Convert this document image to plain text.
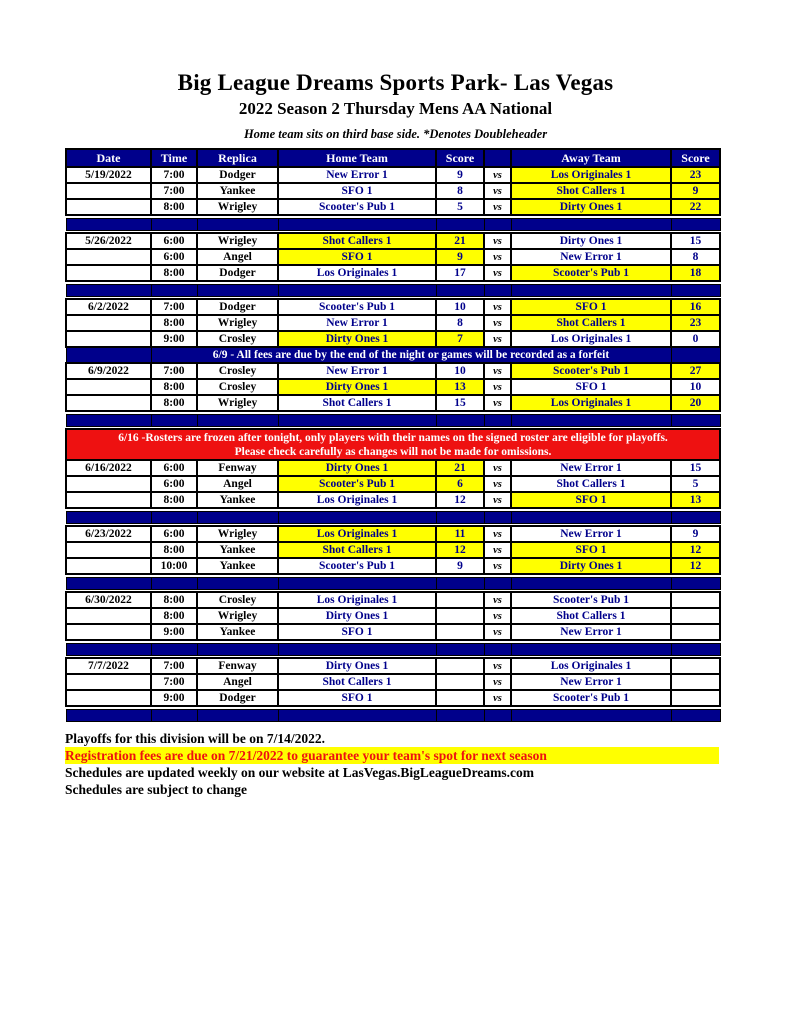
Big League Dreams Sports Park- Las Vegas
2022 Season 2 Thursday Mens AA National
Home team sits on third base side. *Denotes Doubleheader
Date	Time	Replica	Home Team	Score		Away Team	Score
5/19/2022	7:00	Dodger	New Error 1	9	vs	Los Originales 1	23
	7:00	Yankee	SFO 1	8	vs	Shot Callers 1	9
	8:00	Wrigley	Scooter's Pub 1	5	vs	Dirty Ones 1	22

5/26/2022	6:00	Wrigley	Shot Callers 1	21	vs	Dirty Ones 1	15
	6:00	Angel	SFO 1	9	vs	New Error 1	8
	8:00	Dodger	Los Originales 1	17	vs	Scooter's Pub 1	18

6/2/2022	7:00	Dodger	Scooter's Pub 1	10	vs	SFO 1	16
	8:00	Wrigley	New Error 1	8	vs	Shot Callers 1	23
	9:00	Crosley	Dirty Ones 1	7	vs	Los Originales 1	0
	6/9 - All fees are due by the end of the night or games will be recorded as a forfeit						
6/9/2022	7:00	Crosley	New Error 1	10	vs	Scooter's Pub 1	27
	8:00	Crosley	Dirty Ones 1	13	vs	SFO 1	10
	8:00	Wrigley	Shot Callers 1	15	vs	Los Originales 1	20

6/16 -Rosters are frozen after tonight, only players with their names on the signed roster are eligible for playoffs.
Please check carefully as changes will not be made for omissions.							

6/16/2022	6:00	Fenway	Dirty Ones 1	21	vs	New Error 1	15
	6:00	Angel	Scooter's Pub 1	6	vs	Shot Callers 1	5
	8:00	Yankee	Los Originales 1	12	vs	SFO 1	13

6/23/2022	6:00	Wrigley	Los Originales 1	11	vs	New Error 1	9
	8:00	Yankee	Shot Callers 1	12	vs	SFO 1	12
	10:00	Yankee	Scooter's Pub 1	9	vs	Dirty Ones 1	12

6/30/2022	8:00	Crosley	Los Originales 1		vs	Scooter's Pub 1	
	8:00	Wrigley	Dirty Ones 1		vs	Shot Callers 1	
	9:00	Yankee	SFO 1		vs	New Error 1	

7/7/2022	7:00	Fenway	Dirty Ones 1		vs	Los Originales 1	
	7:00	Angel	Shot Callers 1		vs	New Error 1	
	9:00	Dodger	SFO 1		vs	Scooter's Pub 1	

Playoffs for this division will be on 7/14/2022.
Registration fees are due on 7/21/2022 to guarantee your team's spot for next season
Schedules are updated weekly on our website at LasVegas.BigLeagueDreams.com
Schedules are subject to change
